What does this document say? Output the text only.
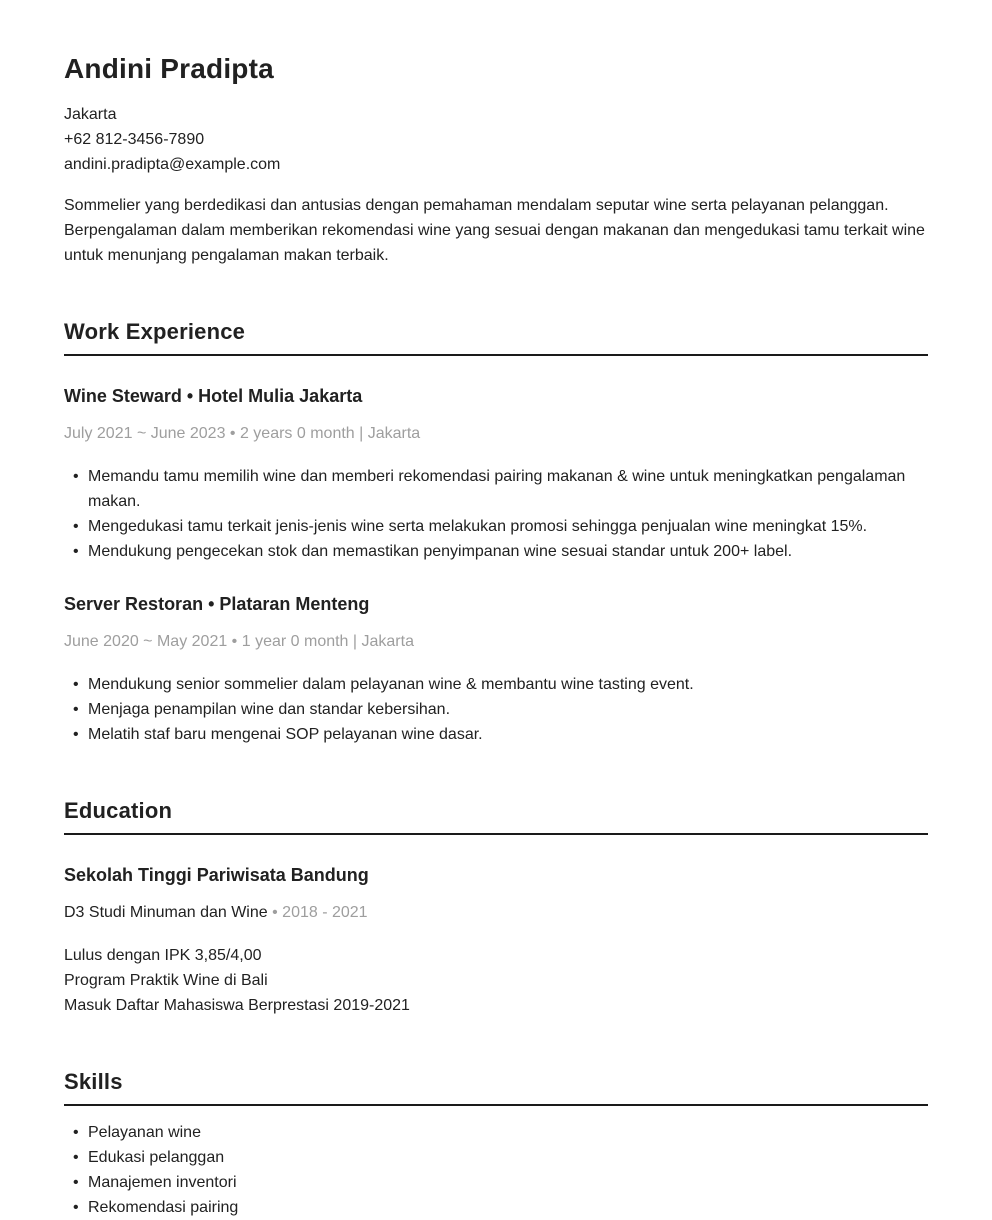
Andini Pradipta
Jakarta
+62 812-3456-7890
andini.pradipta@example.com

Sommelier yang berdedikasi dan antusias dengan pemahaman mendalam seputar wine serta pelayanan pelanggan. Berpengalaman dalam memberikan rekomendasi wine yang sesuai dengan makanan dan mengedukasi tamu terkait wine untuk menunjang pengalaman makan terbaik.

Work Experience
Wine Steward • Hotel Mulia Jakarta
July 2021 ~ June 2023 • 2 years 0 month | Jakarta
• Memandu tamu memilih wine dan memberi rekomendasi pairing makanan & wine untuk meningkatkan pengalaman makan.
• Mengedukasi tamu terkait jenis-jenis wine serta melakukan promosi sehingga penjualan wine meningkat 15%.
• Mendukung pengecekan stok dan memastikan penyimpanan wine sesuai standar untuk 200+ label.
Server Restoran • Plataran Menteng
June 2020 ~ May 2021 • 1 year 0 month | Jakarta
• Mendukung senior sommelier dalam pelayanan wine & membantu wine tasting event.
• Menjaga penampilan wine dan standar kebersihan.
• Melatih staf baru mengenai SOP pelayanan wine dasar.
Education
Sekolah Tinggi Pariwisata Bandung
D3 Studi Minuman dan Wine • 2018 - 2021

Lulus dengan IPK 3,85/4,00

Program Praktik Wine di Bali

Masuk Daftar Mahasiswa Berprestasi 2019-2021

Skills
• Pelayanan wine
• Edukasi pelanggan
• Manajemen inventori
• Rekomendasi pairing
